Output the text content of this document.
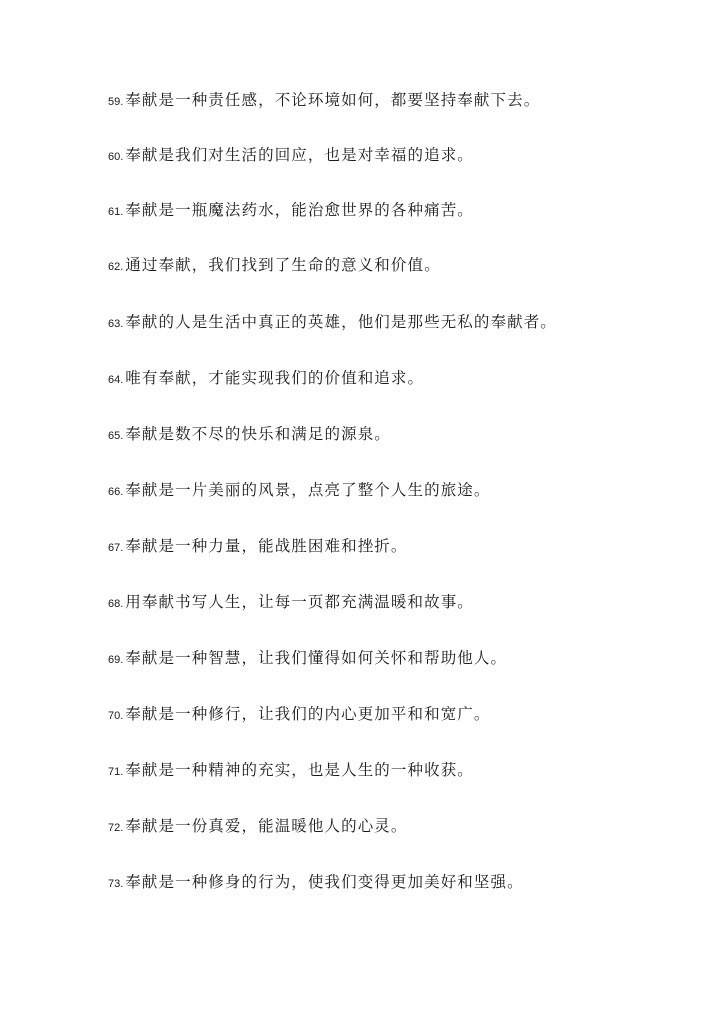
59. 奉献是一种责任感，不论环境如何，都要坚持奉献下去。
60. 奉献是我们对生活的回应，也是对幸福的追求。
61. 奉献是一瓶魔法药水，能治愈世界的各种痛苦。
62. 通过奉献，我们找到了生命的意义和价值。
63. 奉献的人是生活中真正的英雄，他们是那些无私的奉献者。
64. 唯有奉献，才能实现我们的价值和追求。
65. 奉献是数不尽的快乐和满足的源泉。
66. 奉献是一片美丽的风景，点亮了整个人生的旅途。
67. 奉献是一种力量，能战胜困难和挫折。
68. 用奉献书写人生，让每一页都充满温暖和故事。
69. 奉献是一种智慧，让我们懂得如何关怀和帮助他人。
70. 奉献是一种修行，让我们的内心更加平和和宽广。
71. 奉献是一种精神的充实，也是人生的一种收获。
72. 奉献是一份真爱，能温暖他人的心灵。
73. 奉献是一种修身的行为，使我们变得更加美好和坚强。
